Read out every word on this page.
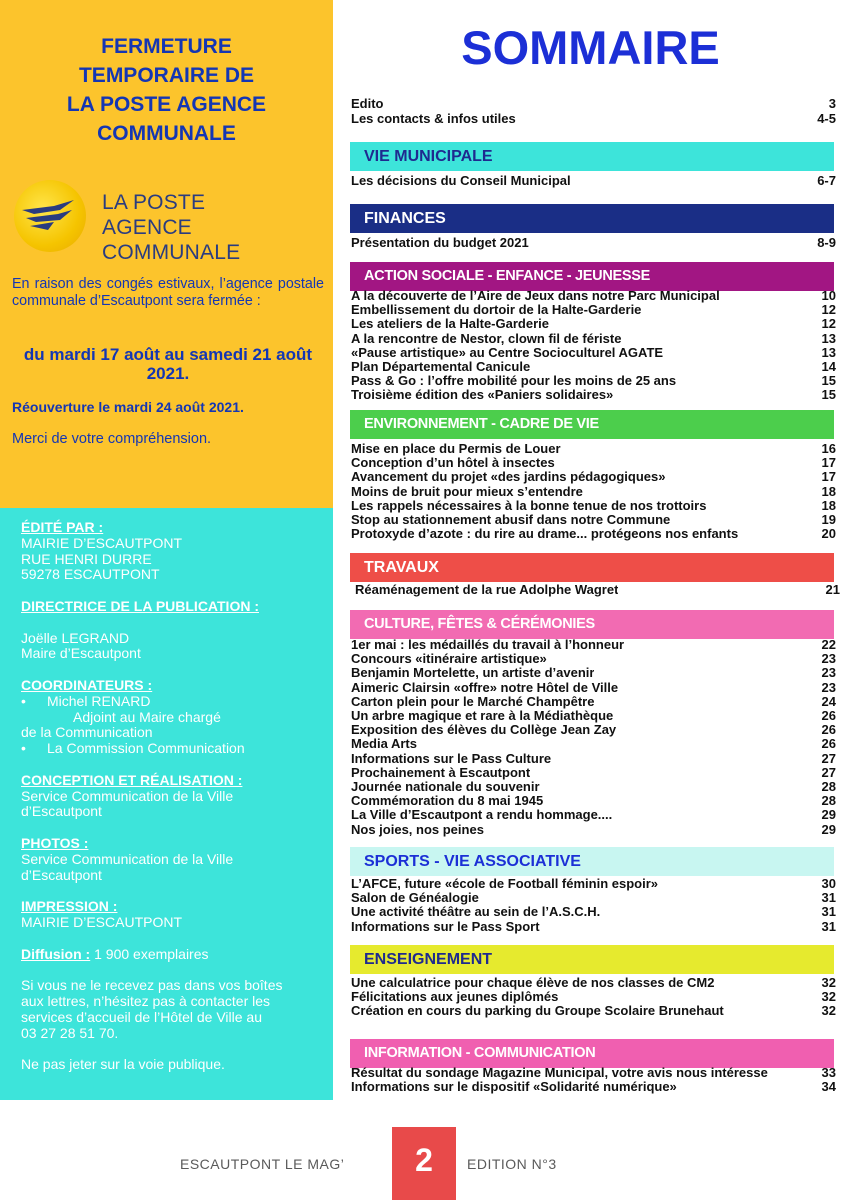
FERMETURE
TEMPORAIRE DE
LA POSTE AGENCE
COMMUNALE
LA POSTE
AGENCE COMMUNALE
En raison des congés estivaux, l’agence postale communale d’Escautpont sera fermée :
du mardi 17 août au samedi 21 août 2021.
Réouverture le mardi 24 août 2021.
Merci de votre compréhension.
ÉDITÉ PAR :
MAIRIE D’ESCAUTPONT
RUE HENRI DURRE
59278 ESCAUTPONT
DIRECTRICE DE LA PUBLICATION :
Joëlle LEGRAND
Maire d’Escautpont
COORDINATEURS :
•	Michel RENARD
Adjoint au Maire chargé
de la Communication
•	La Commission Communication
CONCEPTION ET RÉALISATION :
Service Communication de la Ville
d’Escautpont
PHOTOS :
Service Communication de la Ville
d’Escautpont
IMPRESSION :
MAIRIE D’ESCAUTPONT
Diffusion : 1 900 exemplaires
Si vous ne le recevez pas dans vos boîtes
aux lettres, n’hésitez pas à contacter les
services d’accueil de l’Hôtel de Ville au
03 27 28 51 70.
Ne pas jeter sur la voie publique.
SOMMAIRE
Edito	3
Les contacts & infos utiles	4-5
VIE MUNICIPALE
Les décisions du Conseil Municipal	6-7
FINANCES
Présentation du budget 2021	8-9
ACTION SOCIALE - ENFANCE - JEUNESSE
A la découverte de l’Aire de Jeux dans notre Parc Municipal	10
Embellissement du dortoir de la Halte-Garderie	12
Les ateliers de la Halte-Garderie	12
A la rencontre de Nestor, clown fil de fériste	13
«Pause artistique» au Centre Socioculturel AGATE	13
Plan Départemental Canicule	14
Pass & Go : l’offre mobilité pour les moins de 25 ans	15
Troisième édition des «Paniers solidaires»	15
ENVIRONNEMENT - CADRE DE VIE
Mise en place du Permis de Louer	16
Conception d’un hôtel à insectes	17
Avancement du projet «des jardins pédagogiques»	17
Moins de bruit pour mieux s’entendre	18
Les rappels nécessaires à la bonne tenue de nos trottoirs	18
Stop au stationnement abusif dans notre Commune	19
Protoxyde d’azote : du rire au drame... protégeons nos enfants	20
TRAVAUX
Réaménagement de la rue Adolphe Wagret	21
CULTURE, FÊTES & CÉRÉMONIES
1er mai : les médaillés du travail à l’honneur	22
Concours «itinéraire artistique»	23
Benjamin Mortelette, un artiste d’avenir	23
Aimeric Clairsin «offre» notre Hôtel de Ville	23
Carton plein pour le Marché Champêtre	24
Un arbre magique et rare à la Médiathèque	26
Exposition des élèves du Collège Jean Zay	26
Media Arts	26
Informations sur le Pass Culture	27
Prochainement à Escautpont	27
Journée nationale du souvenir	28
Commémoration du 8 mai 1945	28
La Ville d’Escautpont a rendu hommage....	29
Nos joies, nos peines	29
SPORTS - VIE ASSOCIATIVE
L’AFCE, future «école de Football féminin espoir»	30
Salon de Généalogie	31
Une activité théâtre au sein de l’A.S.C.H.	31
Informations sur le Pass Sport	31
ENSEIGNEMENT
Une calculatrice pour chaque élève de nos classes de CM2	32
Félicitations aux jeunes diplômés	32
Création en cours du parking du Groupe Scolaire Brunehaut	32
INFORMATION - COMMUNICATION
Résultat du sondage Magazine Municipal, votre avis nous intéresse	33
Informations sur le dispositif «Solidarité numérique»	34
ESCAUTPONT LE MAG’	2	EDITION N°3
